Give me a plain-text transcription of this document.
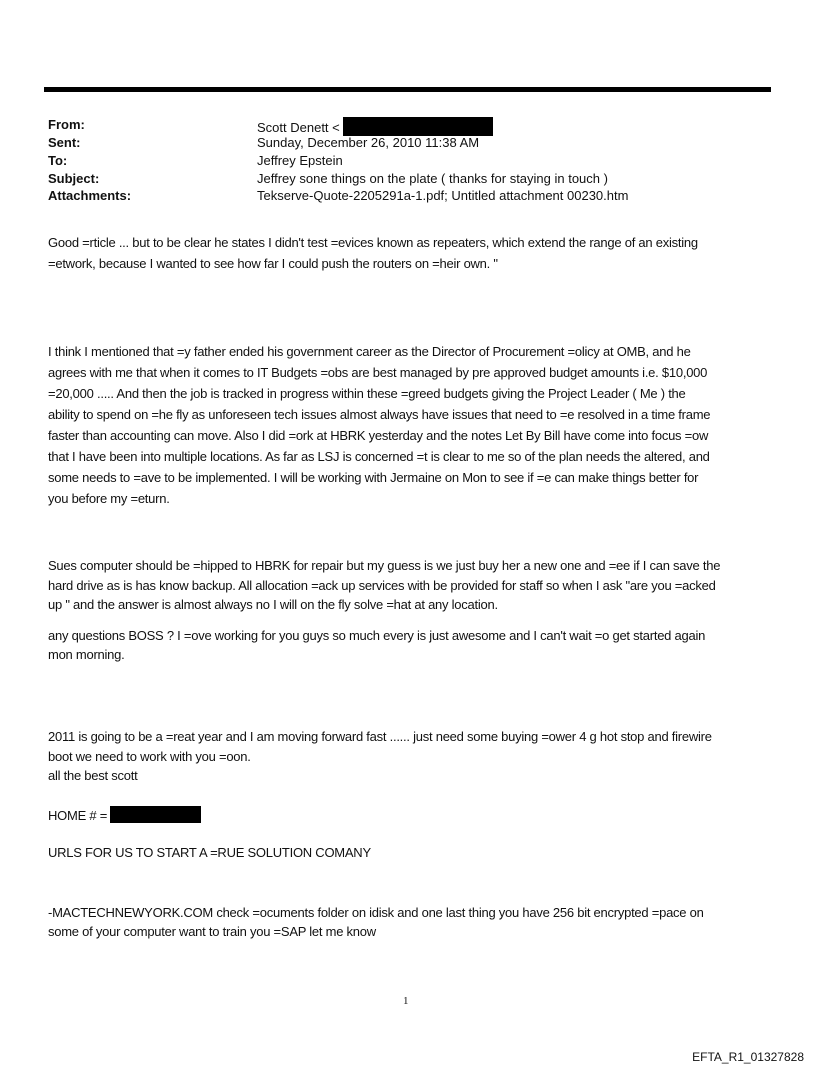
From:	Scott Denett <
Sent:	Sunday, December 26, 2010 11:38 AM
To:	Jeffrey Epstein
Subject:	Jeffrey sone things on the plate ( thanks for staying in touch )
Attachments:	Tekserve-Quote-2205291a-1.pdf; Untitled attachment 00230.htm
Good =rticle ... but to be clear he states I didn't test =evices known as repeaters, which extend the range of an existing
=etwork, because I wanted to see how far I could push the routers on =heir own. "
I think I mentioned that =y father ended his government career as the Director of Procurement =olicy at OMB, and he
agrees with me that when it comes to IT Budgets =obs are best managed by pre approved budget amounts i.e. $10,000
=20,000 ..... And then the job is tracked in progress within these =greed budgets giving the Project Leader ( Me ) the
ability to spend on =he fly as unforeseen tech issues almost always have issues that need to =e resolved in a time frame
faster than accounting can move. Also I did =ork at HBRK yesterday and the notes Let By Bill have come into focus =ow
that I have been into multiple locations. As far as LSJ is concerned =t is clear to me so of the plan needs the altered, and
some needs to =ave to be implemented. I will be working with Jermaine on Mon to see if =e can make things better for
you before my =eturn.
Sues computer should be =hipped to HBRK for repair but my guess is we just buy her a new one and =ee if I can save the
hard drive as is has know backup. All allocation =ack up services with be provided for staff so when I ask "are you =acked
up " and the answer is almost always no I will on the fly solve =hat at any location.
any questions BOSS ? I =ove working for you guys so much every is just awesome and I can't wait =o get started again
mon morning.
2011 is going to be a =reat year and I am moving forward fast ...... just need some buying =ower 4 g hot stop and firewire
boot we need to work with you =oon.
all the best scott
HOME # =
URLS FOR US TO START A =RUE SOLUTION COMANY
-MACTECHNEWYORK.COM check =ocuments folder on idisk and one last thing you have 256 bit encrypted =pace on
some of your computer want to train you =SAP let me know
1
EFTA_R1_01327828
